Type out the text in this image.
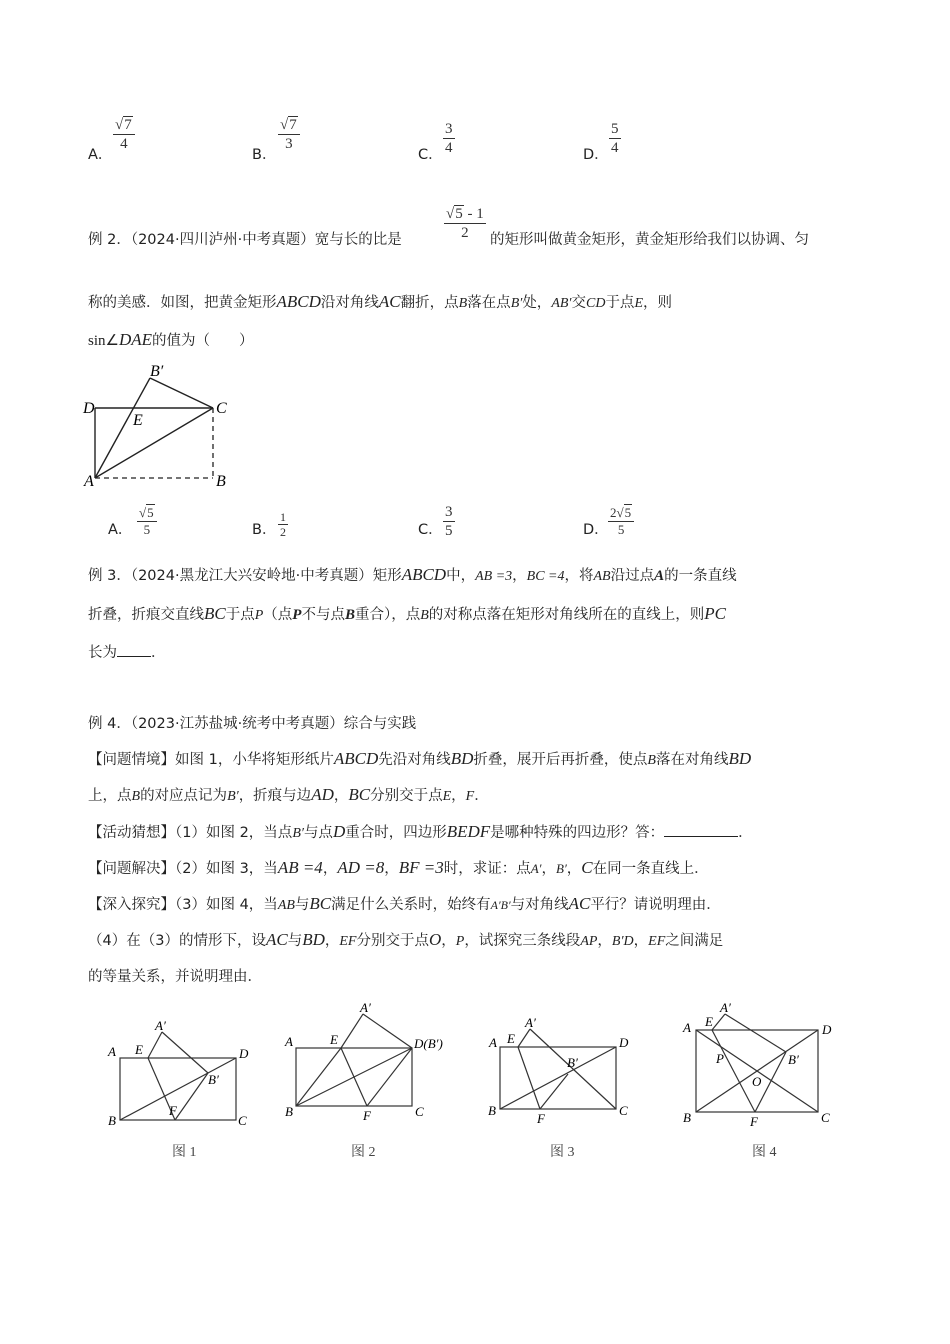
A．
$\frac{√7}{4}$
B．
$\frac{√7}{3}$
C． $\frac{3}{4}$	D． $\frac{5}{4}$
例 2．（2024·四川泸州·中考真题）宽与长的比是	$\frac{√5 - 1}{2}$ 的矩形叫做黄金矩形，黄金矩形给我们以协调、匀
称的美感．如图，把黄金矩形ABCD沿对角线AC翻折，点B落在点B′处，AB′交CD于点E，则
sin∠DAE的值为（　　）
B′
D	C
E
A	B
A． $\frac{√5}{5}$	B． $\frac{1}{2}$	C． $\frac{3}{5}$	D． $\frac{2√5}{5}$
例 3．（2024·黑龙江大兴安岭地·中考真题）矩形ABCD中，AB =3，BC =4，将AB沿过点A的一条直线
折叠，折痕交直线BC于点P（点P不与点B重合），点B的对称点落在矩形对角线所在的直线上，则PC
长为 ．
例 4．（2023·江苏盐城·统考中考真题）综合与实践
【问题情境】如图 1，小华将矩形纸片ABCD先沿对角线BD折叠，展开后再折叠，使点B落在对角线BD
上，点B的对应点记为B′，折痕与边AD，BC分别交于点E，F．
【活动猜想】（1）如图 2，当点B′与点D重合时，四边形BEDF是哪种特殊的四边形？答：	．
【问题解决】（2）如图 3，当AB =4，AD =8，BF =3时，求证：点A′，B′，C在同一条直线上．
【深入探究】（3）如图 4，当AB与BC满足什么关系时，始终有A′B′与对角线AC平行？请说明理由．
（4）在（3）的情形下，设AC与BD，EF分别交于点O，P，试探究三条线段AP，B′D，EF之间满足
的等量关系，并说明理由．
A′
A E	D
B′
B
F
C
图 1
A′
A	E	D(B′)
B	F	C
图 2
A′
A E	D
B′
B
F
C
图 3
A′
A E
D
P	B′
O
B	F	C
图 4
